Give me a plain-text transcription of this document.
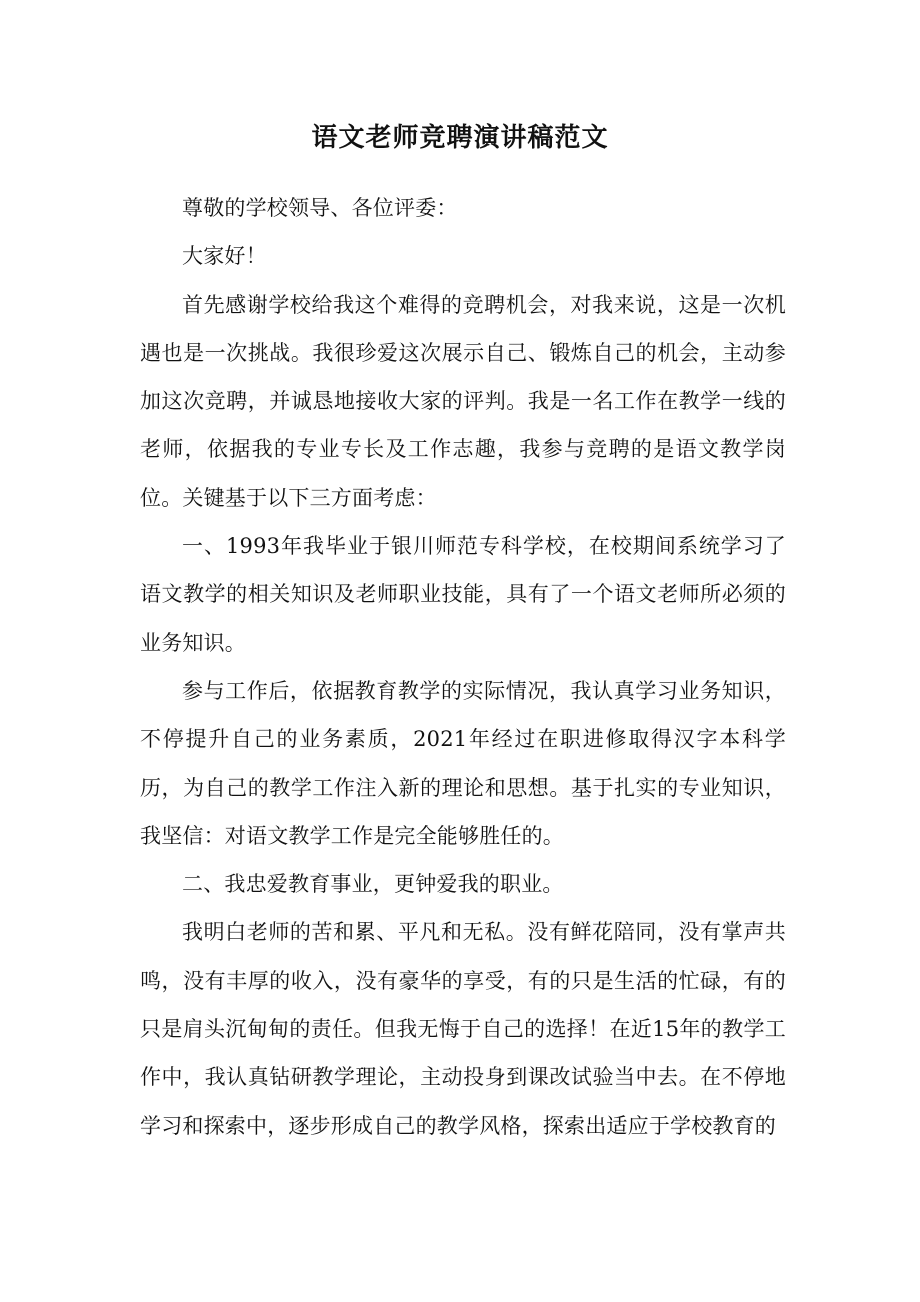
语文老师竞聘演讲稿范文

尊敬的学校领导、各位评委：

大家好！

首先感谢学校给我这个难得的竞聘机会，对我来说，这是一次机遇也是一次挑战。我很珍爱这次展示自己、锻炼自己的机会，主动参加这次竞聘，并诚恳地接收大家的评判。我是一名工作在教学一线的老师，依据我的专业专长及工作志趣，我参与竞聘的是语文教学岗位。关键基于以下三方面考虑：

一、1993年我毕业于银川师范专科学校，在校期间系统学习了语文教学的相关知识及老师职业技能，具有了一个语文老师所必须的业务知识。

参与工作后，依据教育教学的实际情况，我认真学习业务知识，不停提升自己的业务素质，2021年经过在职进修取得汉字本科学历，为自己的教学工作注入新的理论和思想。基于扎实的专业知识，我坚信：对语文教学工作是完全能够胜任的。

二、我忠爱教育事业，更钟爱我的职业。

我明白老师的苦和累、平凡和无私。没有鲜花陪同，没有掌声共鸣，没有丰厚的收入，没有豪华的享受，有的只是生活的忙碌，有的只是肩头沉甸甸的责任。但我无悔于自己的选择！在近15年的教学工作中，我认真钻研教学理论，主动投身到课改试验当中去。在不停地学习和探索中，逐步形成自己的教学风格，探索出适应于学校教育的
